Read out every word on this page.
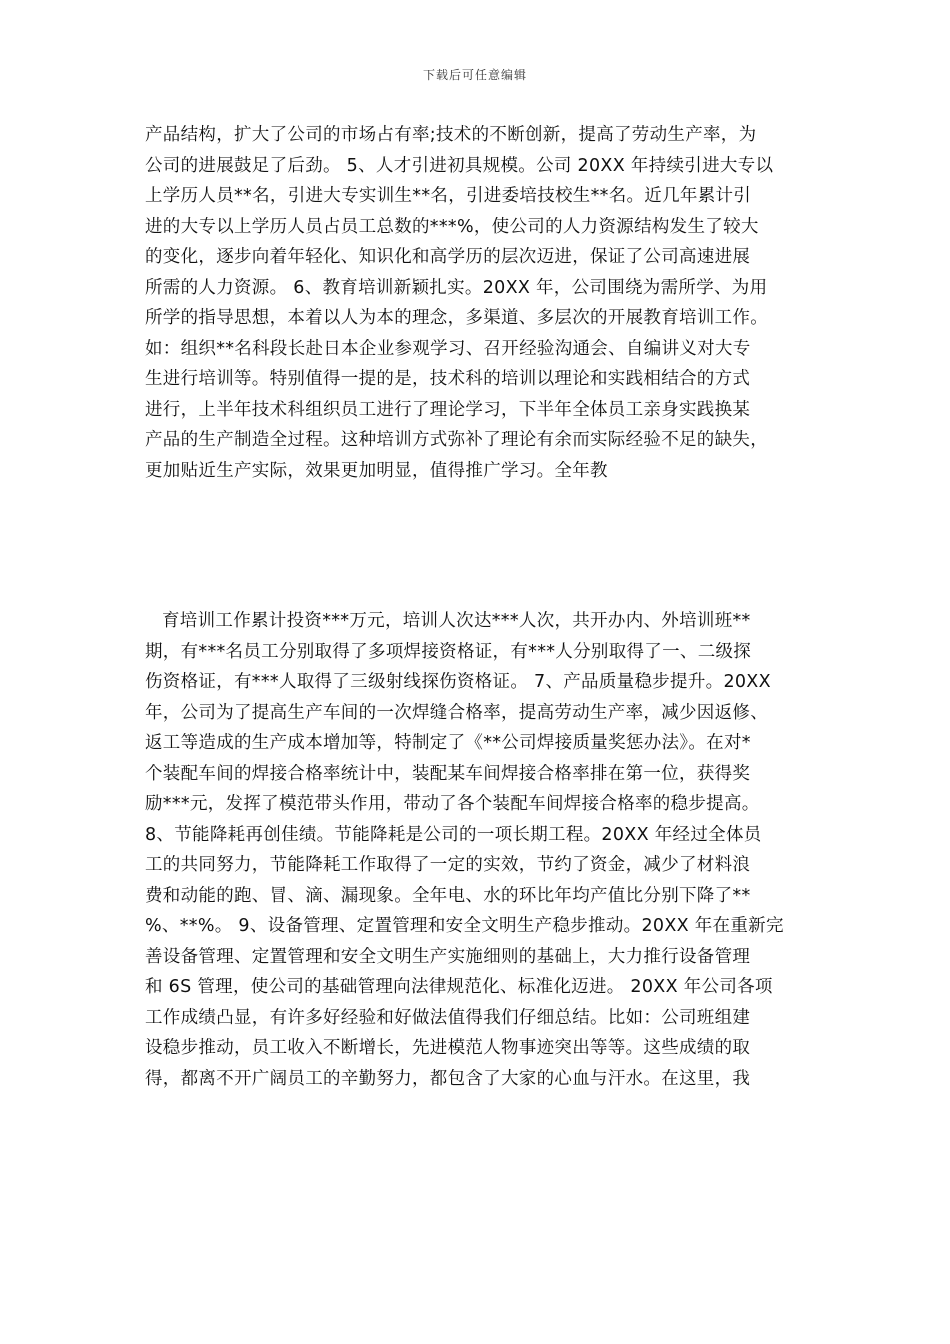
下载后可任意编辑
产品结构，扩大了公司的市场占有率;技术的不断创新，提高了劳动生产率，为
公司的进展鼓足了后劲。 5、人才引进初具规模。公司 20XX 年持续引进大专以
上学历人员**名，引进大专实训生**名，引进委培技校生**名。近几年累计引
进的大专以上学历人员占员工总数的***%，使公司的人力资源结构发生了较大
的变化，逐步向着年轻化、知识化和高学历的层次迈进，保证了公司高速进展
所需的人力资源。 6、教育培训新颖扎实。20XX 年，公司围绕为需所学、为用
所学的指导思想，本着以人为本的理念，多渠道、多层次的开展教育培训工作。
如：组织**名科段长赴日本企业参观学习、召开经验沟通会、自编讲义对大专
生进行培训等。特别值得一提的是，技术科的培训以理论和实践相结合的方式
进行，上半年技术科组织员工进行了理论学习，下半年全体员工亲身实践换某
产品的生产制造全过程。这种培训方式弥补了理论有余而实际经验不足的缺失，
更加贴近生产实际，效果更加明显，值得推广学习。全年教
育培训工作累计投资***万元，培训人次达***人次，共开办内、外培训班**
期，有***名员工分别取得了多项焊接资格证，有***人分别取得了一、二级探
伤资格证，有***人取得了三级射线探伤资格证。 7、产品质量稳步提升。20XX
年，公司为了提高生产车间的一次焊缝合格率，提高劳动生产率，减少因返修、
返工等造成的生产成本增加等，特制定了《**公司焊接质量奖惩办法》。在对*
个装配车间的焊接合格率统计中，装配某车间焊接合格率排在第一位，获得奖
励***元，发挥了模范带头作用，带动了各个装配车间焊接合格率的稳步提高。
8、节能降耗再创佳绩。节能降耗是公司的一项长期工程。20XX 年经过全体员
工的共同努力，节能降耗工作取得了一定的实效，节约了资金，减少了材料浪
费和动能的跑、冒、滴、漏现象。全年电、水的环比年均产值比分别下降了**
%、**%。 9、设备管理、定置管理和安全文明生产稳步推动。20XX 年在重新完
善设备管理、定置管理和安全文明生产实施细则的基础上，大力推行设备管理
和 6S 管理，使公司的基础管理向法律规范化、标准化迈进。 20XX 年公司各项
工作成绩凸显，有许多好经验和好做法值得我们仔细总结。比如：公司班组建
设稳步推动，员工收入不断增长，先进模范人物事迹突出等等。这些成绩的取
得，都离不开广阔员工的辛勤努力，都包含了大家的心血与汗水。在这里，我
